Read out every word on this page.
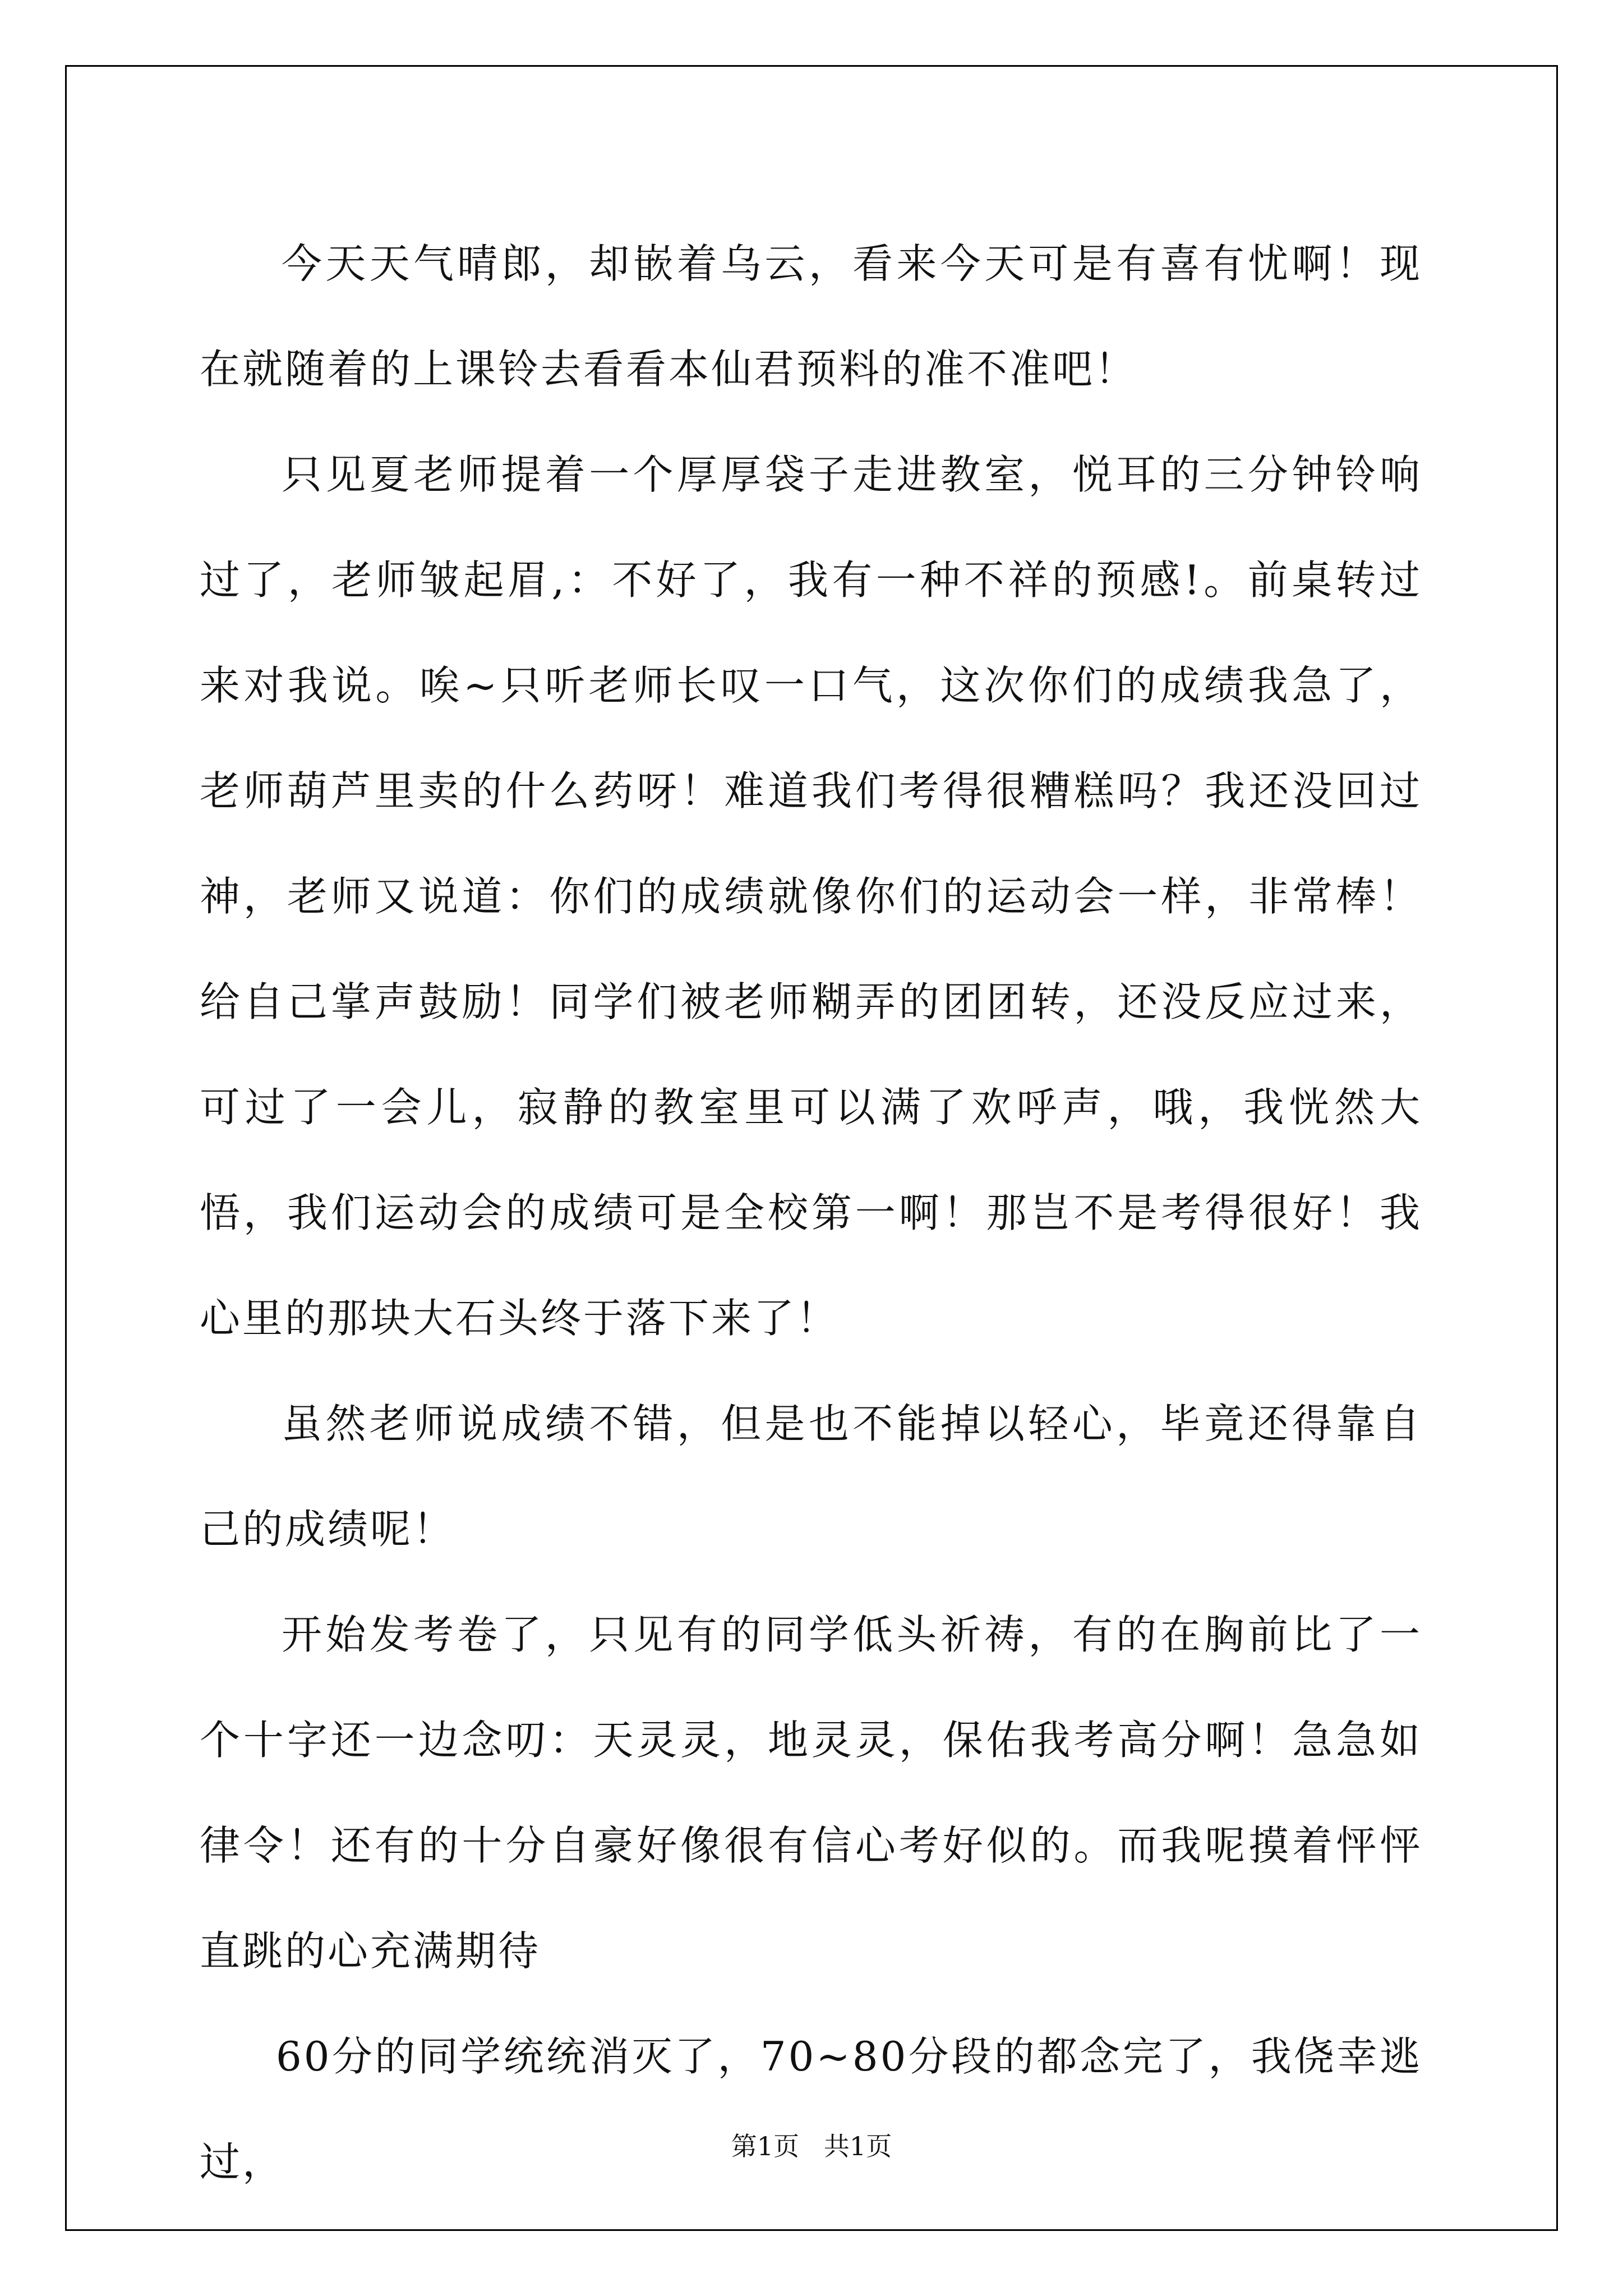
今天天气晴郎，却嵌着乌云，看来今天可是有喜有忧啊！现在就随着的上课铃去看看本仙君预料的准不准吧！

只见夏老师提着一个厚厚袋子走进教室，悦耳的三分钟铃响过了，老师皱起眉,：不好了，我有一种不祥的预感!。前桌转过来对我说。唉~只听老师长叹一口气，这次你们的成绩我急了，老师葫芦里卖的什么药呀！难道我们考得很糟糕吗？我还没回过神，老师又说道：你们的成绩就像你们的运动会一样，非常棒！给自己掌声鼓励！同学们被老师糊弄的团团转，还没反应过来，可过了一会儿，寂静的教室里可以满了欢呼声，哦，我恍然大悟，我们运动会的成绩可是全校第一啊！那岂不是考得很好！我心里的那块大石头终于落下来了！

虽然老师说成绩不错，但是也不能掉以轻心，毕竟还得靠自己的成绩呢！

开始发考卷了，只见有的同学低头祈祷，有的在胸前比了一个十字还一边念叨：天灵灵，地灵灵，保佑我考高分啊！急急如律令！还有的十分自豪好像很有信心考好似的。而我呢摸着怦怦直跳的心充满期待

60分的同学统统消灭了，70~80分段的都念完了，我侥幸逃过，	第1页   共1页
